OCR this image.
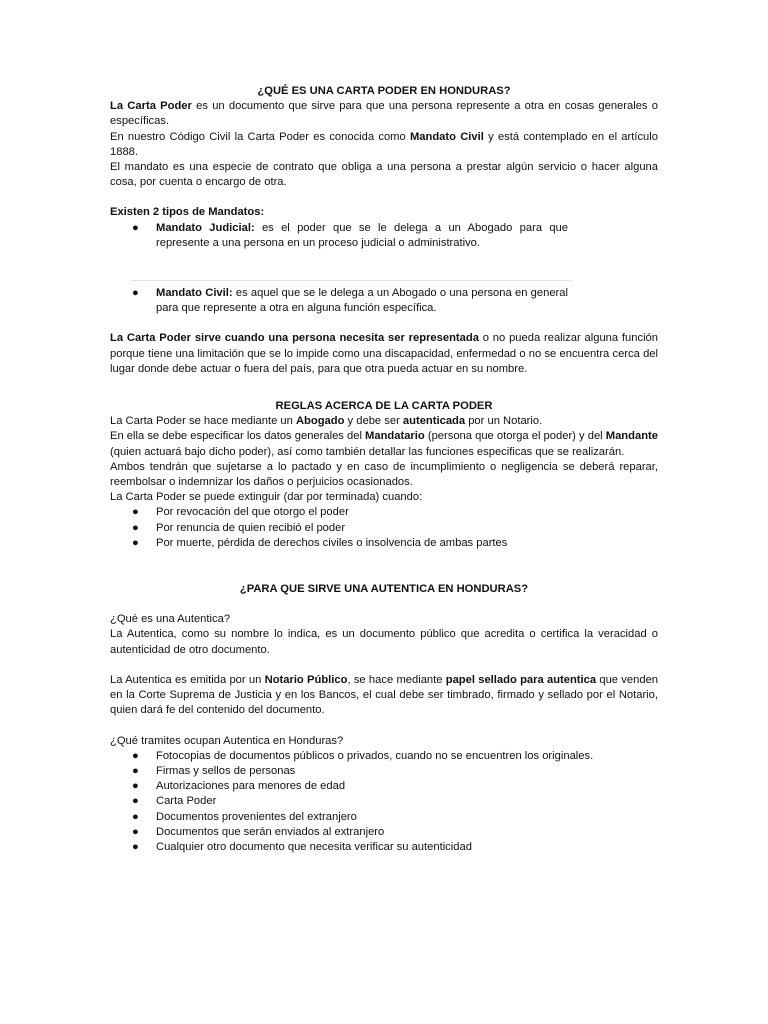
¿QUÉ ES UNA CARTA PODER EN HONDURAS?

La Carta Poder es un documento que sirve para que una persona represente a otra en cosas generales o específicas.

En nuestro Código Civil la Carta Poder es conocida como Mandato Civil y está contemplado en el artículo 1888.

El mandato es una especie de contrato que obliga a una persona a prestar algún servicio o hacer alguna cosa, por cuenta o encargo de otra.

Existen 2 tipos de Mandatos:

● Mandato Judicial: es el poder que se le delega a un Abogado para que represente a una persona en un proceso judicial o administrativo.
● Mandato Civil: es aquel que se le delega a un Abogado o una persona en general para que represente a otra en alguna función específica.

La Carta Poder sirve cuando una persona necesita ser representada o no pueda realizar alguna función porque tiene una limitación que se lo impide como una discapacidad, enfermedad o no se encuentra cerca del lugar donde debe actuar o fuera del país, para que otra pueda actuar en su nombre.

REGLAS ACERCA DE LA CARTA PODER

La Carta Poder se hace mediante un Abogado y debe ser autenticada por un Notario.

En ella se debe especificar los datos generales del Mandatario (persona que otorga el poder) y del Mandante (quien actuará bajo dicho poder), así como también detallar las funciones especificas que se realizarán.

Ambos tendrán que sujetarse a lo pactado y en caso de incumplimiento o negligencia se deberá reparar, reembolsar o indemnizar los daños o perjuicios ocasionados.

La Carta Poder se puede extinguir (dar por terminada) cuando:

● Por revocación del que otorgo el poder
● Por renuncia de quien recibió el poder
● Por muerte, pérdida de derechos civiles o insolvencia de ambas partes

¿PARA QUE SIRVE UNA AUTENTICA EN HONDURAS?

¿Qué es una Autentica?

La Autentica, como su nombre lo indica, es un documento público que acredita o certifica la veracidad o autenticidad de otro documento.

La Autentica es emitida por un Notario Público, se hace mediante papel sellado para autentica que venden en la Corte Suprema de Justicia y en los Bancos, el cual debe ser timbrado, firmado y sellado por el Notario, quien dará fe del contenido del documento.

¿Qué tramites ocupan Autentica en Honduras?

● Fotocopias de documentos públicos o privados, cuando no se encuentren los originales.
● Firmas y sellos de personas
● Autorizaciones para menores de edad
● Carta Poder
● Documentos provenientes del extranjero
● Documentos que serán enviados al extranjero
● Cualquier otro documento que necesita verificar su autenticidad
